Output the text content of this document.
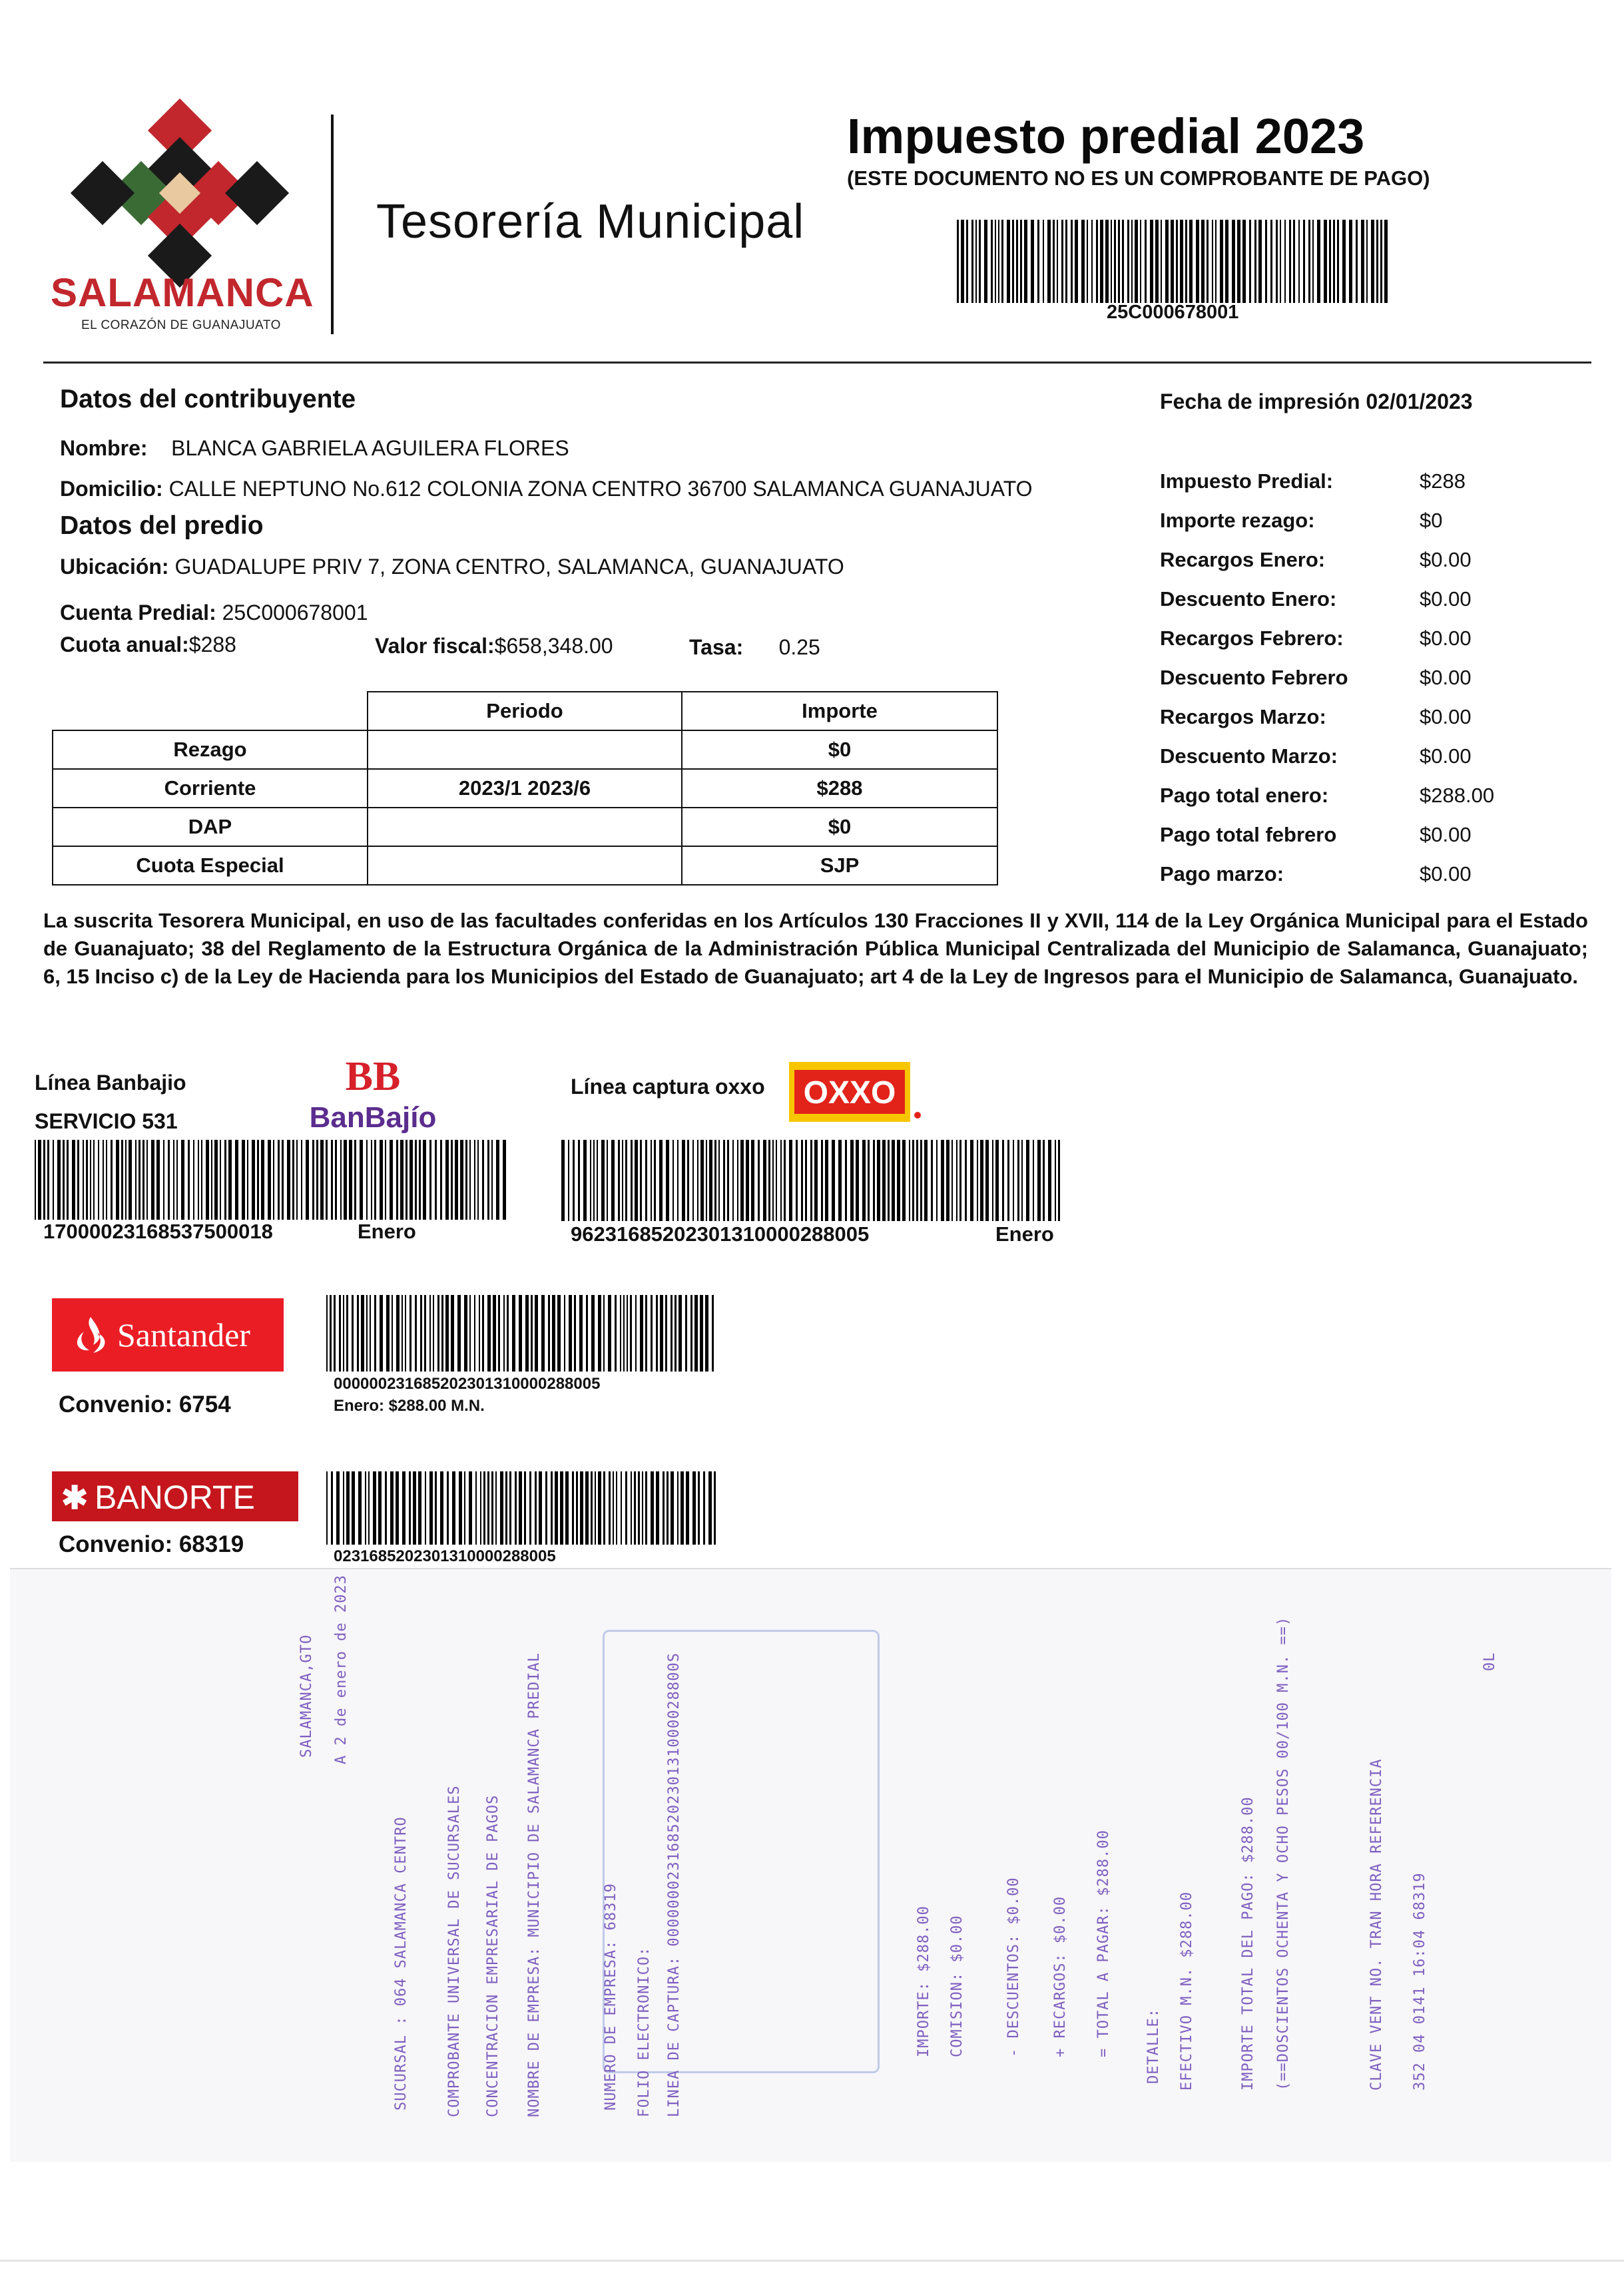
SALAMANCA
EL CORAZÓN DE GUANAJUATO
Tesorería Municipal
Impuesto predial 2023
(ESTE DOCUMENTO NO ES UN COMPROBANTE DE PAGO)
25C000678001
Datos del contribuyente	Fecha de impresión 02/01/2023
Nombre: BLANCA GABRIELA AGUILERA FLORES
Domicilio: CALLE NEPTUNO No.612 COLONIA ZONA CENTRO 36700 SALAMANCA GUANAJUATO
Datos del predio
Ubicación: GUADALUPE PRIV 7, ZONA CENTRO, SALAMANCA, GUANAJUATO
Cuenta Predial: 25C000678001
Cuota anual:$288	Valor fiscal:$658,348.00	Tasa: 0.25
Impuesto Predial:	$288
Importe rezago:	$0
Recargos Enero:	$0.00
Descuento Enero:	$0.00
Recargos Febrero:	$0.00
Descuento Febrero	$0.00
Recargos Marzo:	$0.00
Descuento Marzo:	$0.00
Pago total enero:	$288.00
Pago total febrero	$0.00
Pago marzo:	$0.00
	Periodo	Importe
Rezago		$0
Corriente	2023/1 2023/6	$288
DAP		$0
Cuota Especial		SJP
La suscrita Tesorera Municipal, en uso de las facultades conferidas en los Artículos 130 Fracciones II y XVII, 114 de la Ley Orgánica Municipal para el Estado de Guanajuato; 38 del Reglamento de la Estructura Orgánica de la Administración Pública Municipal Centralizada del Municipio de Salamanca, Guanajuato; 6, 15 Inciso c) de la Ley de Hacienda para los Municipios del Estado de Guanajuato; art 4 de la Ley de Ingresos para el Municipio de Salamanca, Guanajuato.
Línea Banbajio
SERVICIO 531
BB
BanBajío
17000023168537500018	Enero
Línea captura oxxo OXXO
96231685202301310000288005	Enero
Santander
Convenio: 6754
000000231685202301310000288005
Enero: $288.00 M.N.
✱ BANORTE
Convenio: 68319	0231685202301310000288005
SALAMANCA,GTO A 2 de enero de 2023
SUCURSAL : 064 SALAMANCA CENTRO	COMPROBANTE UNIVERSAL DE SUCURSALES CONCENTRACION EMPRESARIAL DE PAGOS NOMBRE DE EMPRESA: MUNICIPIO DE SALAMANCA PREDIAL	NUMERO DE EMPRESA: 68319 FOLIO ELECTRONICO: LINEA DE CAPTURA: 000000023168520230131000028800S	IMPORTE: $288.00 COMISION: $0.00	- DESCUENTOS: $0.00 + RECARGOS: $0.00 = TOTAL A PAGAR: $288.00 DETALLE: EFECTIVO M.N. $288.00	IMPORTE TOTAL DEL PAGO: $288.00 (==DOSCIENTOS OCHENTA Y OCHO PESOS 00/100 M.N. ==)	CLAVE VENT NO. TRAN HORA REFERENCIA 352 04 0141 16:04 68319
0L
